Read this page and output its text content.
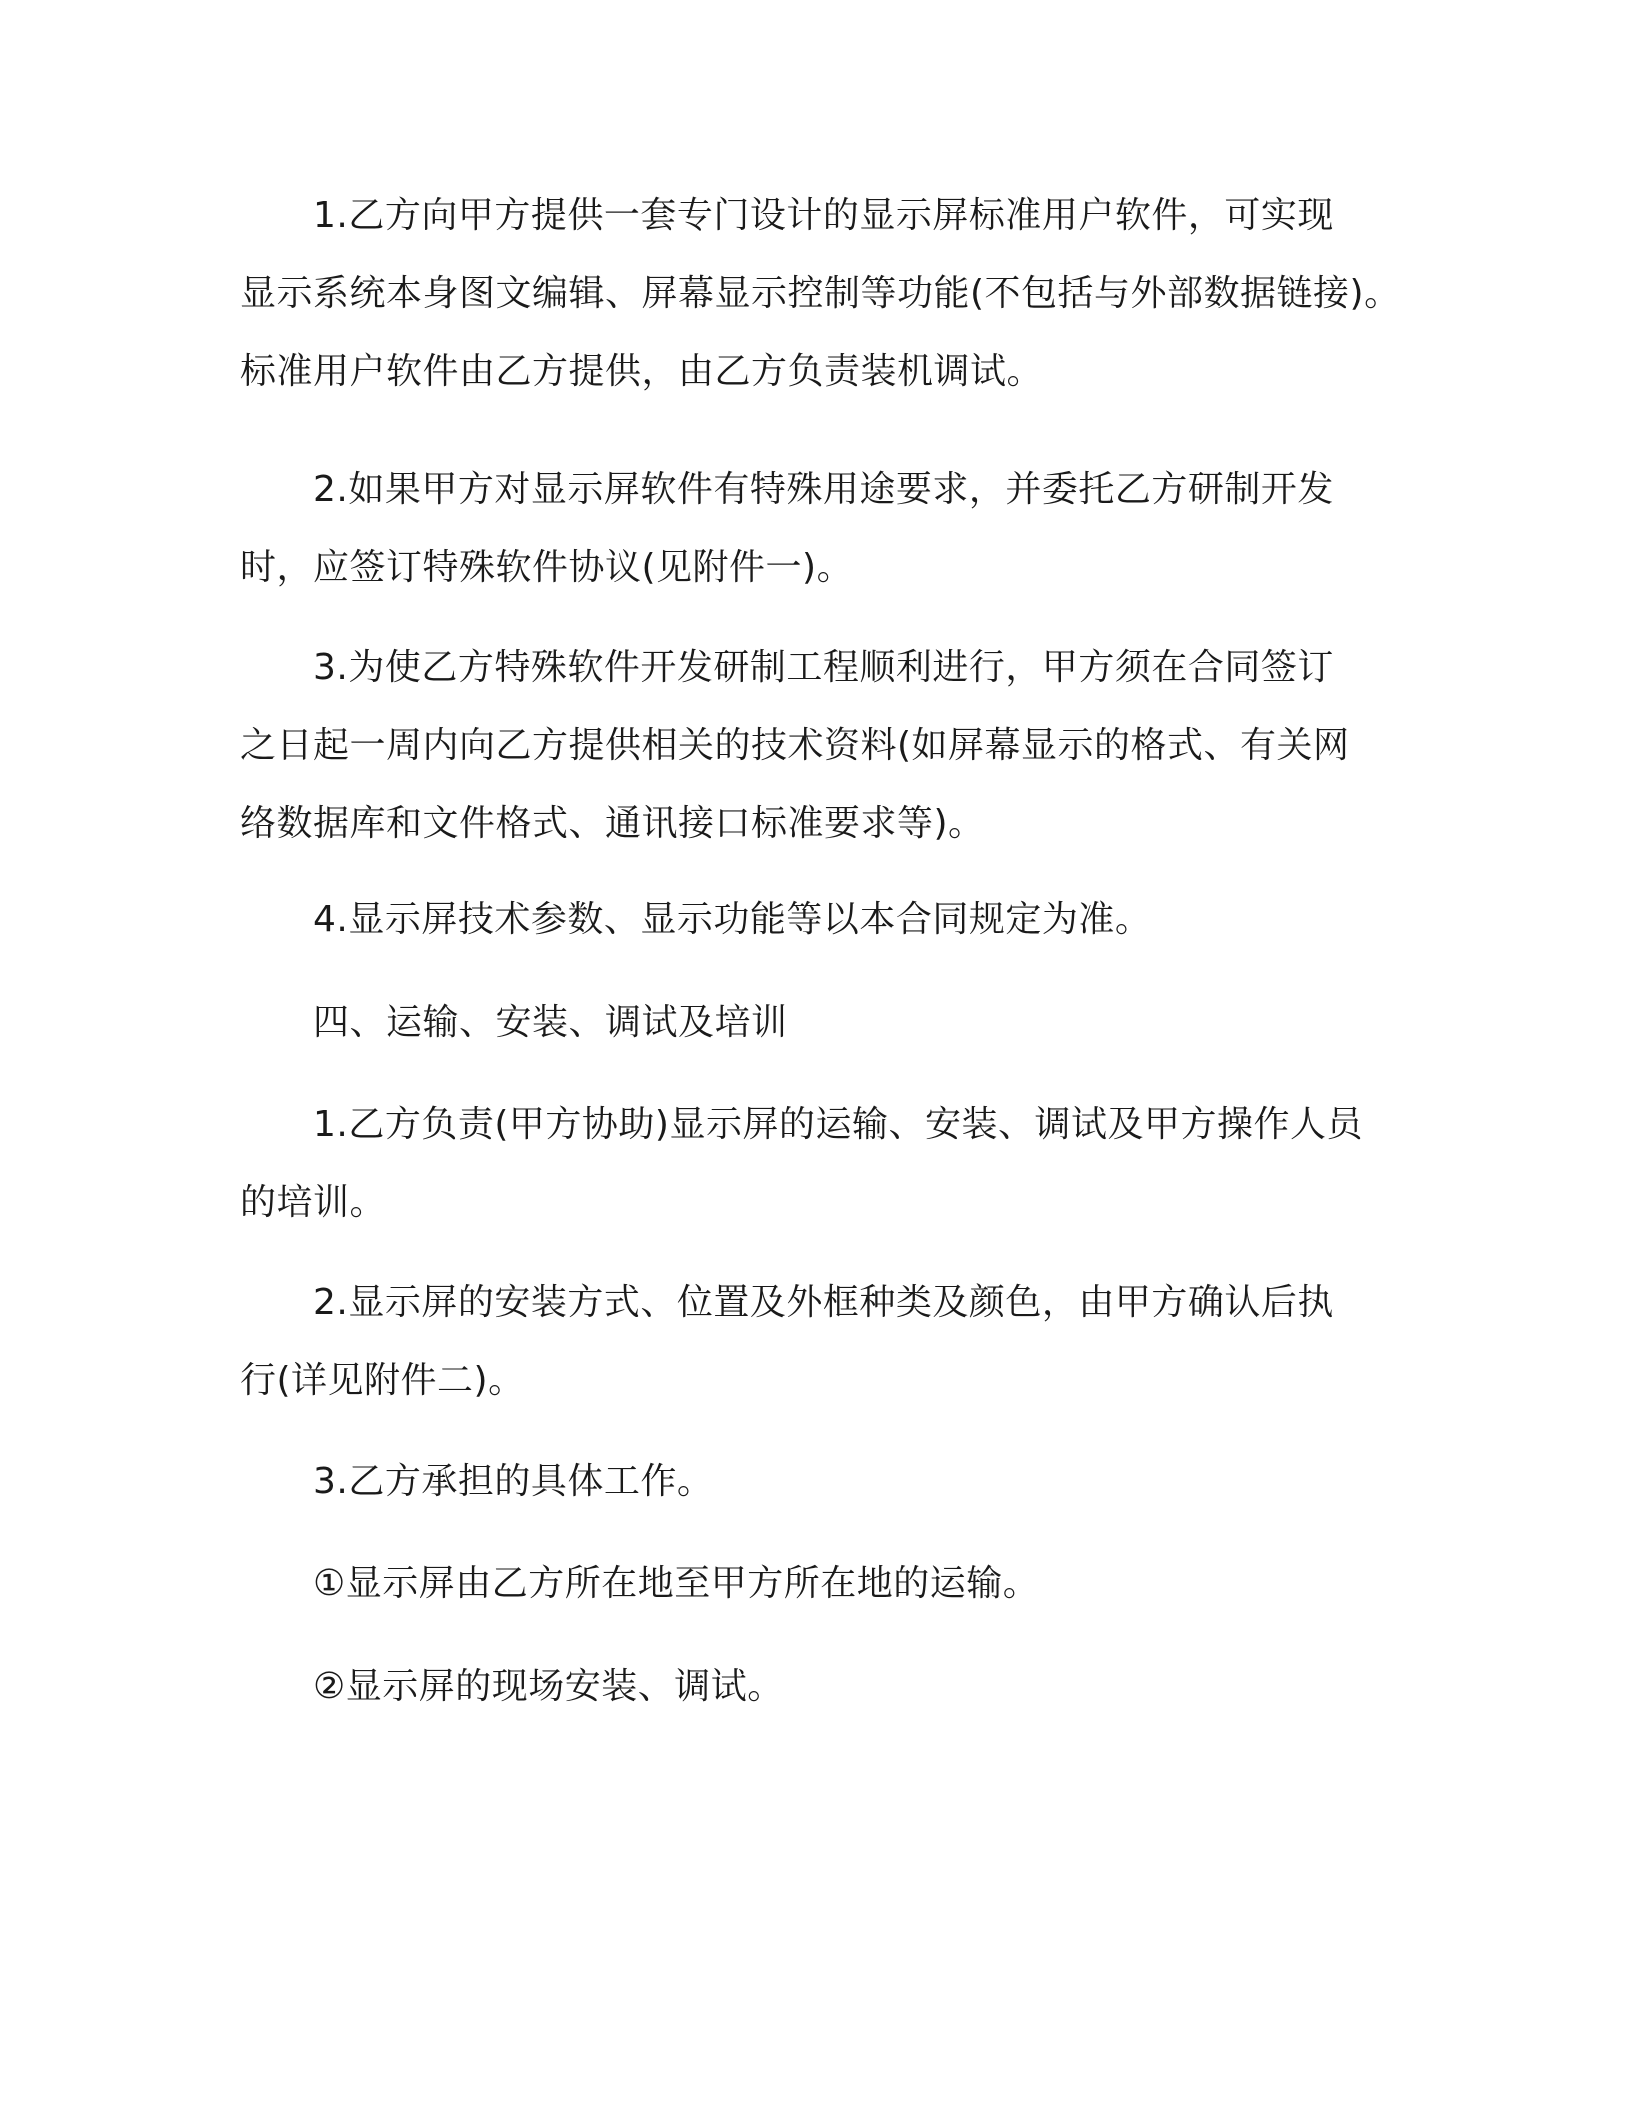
1.乙方向甲方提供一套专门设计的显示屏标准用户软件，可实现
显示系统本身图文编辑、屏幕显示控制等功能(不包括与外部数据链接)。
标准用户软件由乙方提供，由乙方负责装机调试。
2.如果甲方对显示屏软件有特殊用途要求，并委托乙方研制开发
时，应签订特殊软件协议(见附件一)。
3.为使乙方特殊软件开发研制工程顺利进行，甲方须在合同签订
之日起一周内向乙方提供相关的技术资料(如屏幕显示的格式、有关网
络数据库和文件格式、通讯接口标准要求等)。
4.显示屏技术参数、显示功能等以本合同规定为准。
四、运输、安装、调试及培训
1.乙方负责(甲方协助)显示屏的运输、安装、调试及甲方操作人员
的培训。
2.显示屏的安装方式、位置及外框种类及颜色，由甲方确认后执
行(详见附件二)。
3.乙方承担的具体工作。
①显示屏由乙方所在地至甲方所在地的运输。
②显示屏的现场安装、调试。
